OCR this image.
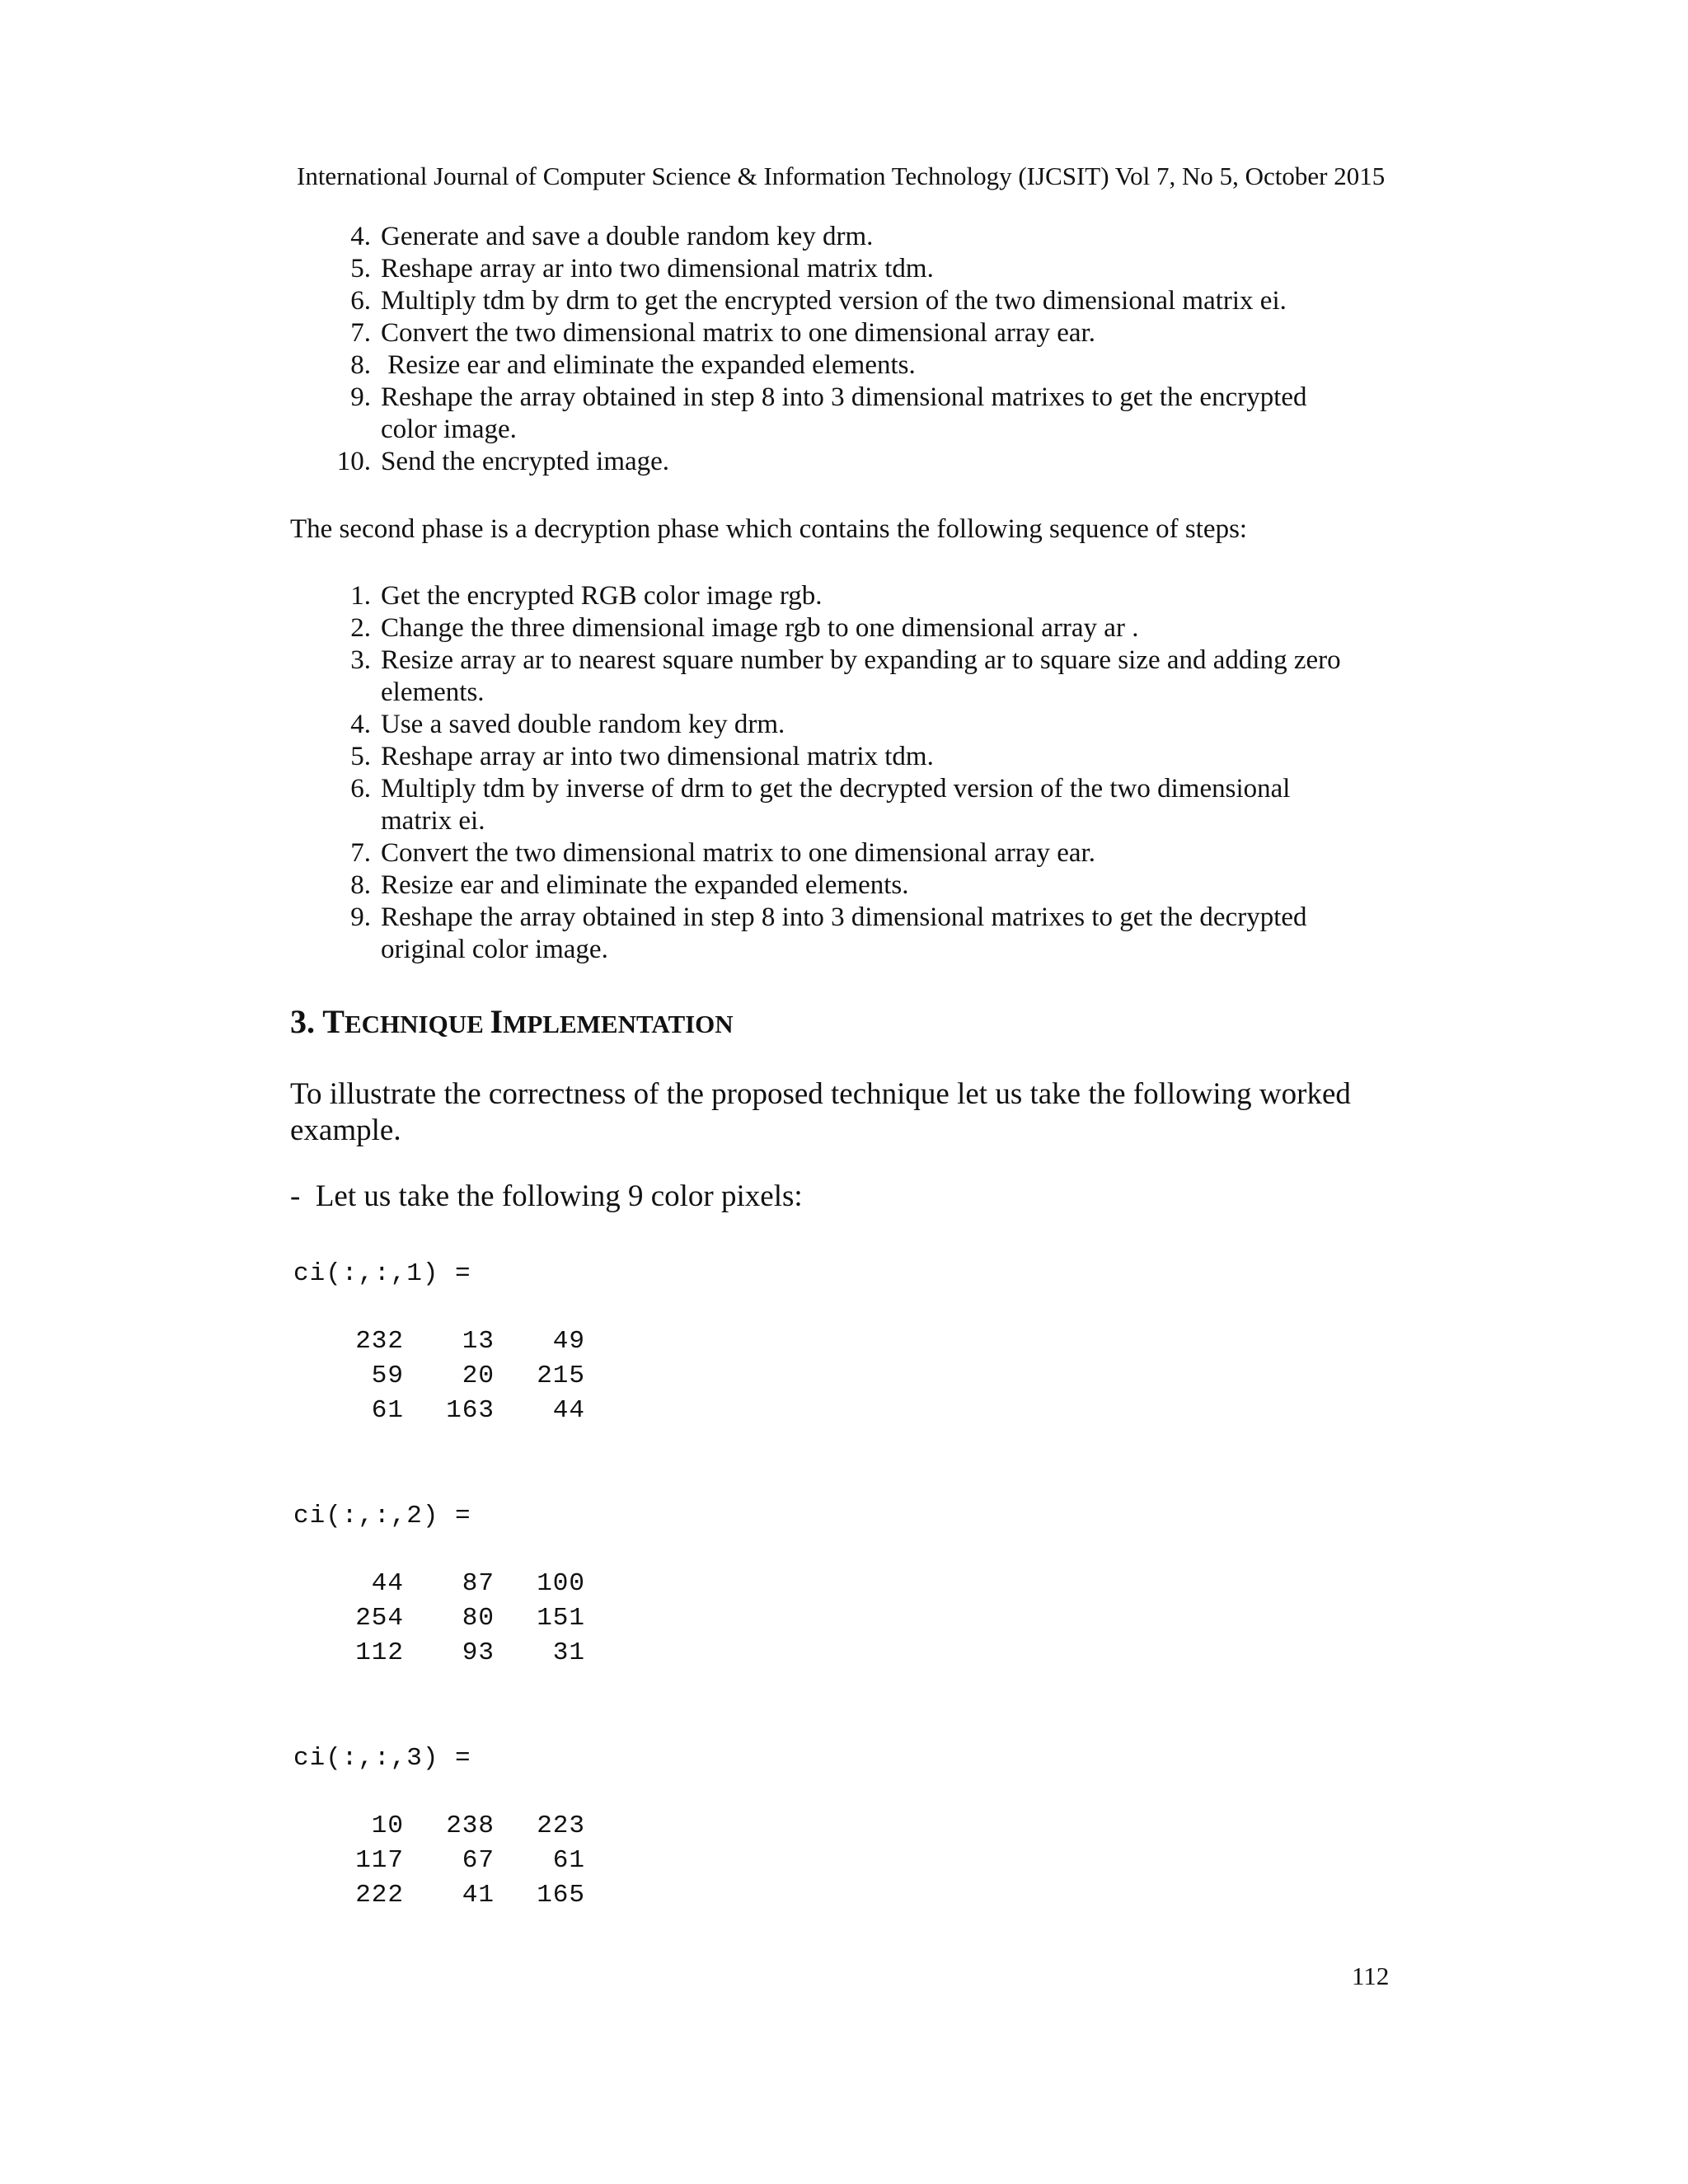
International Journal of Computer Science & Information Technology (IJCSIT) Vol 7, No 5, October 2015
4. Generate and save a double random key drm.
5. Reshape array ar into two dimensional matrix tdm.
6. Multiply tdm by drm to get the encrypted version of the two dimensional matrix ei.
7. Convert the two dimensional matrix to one dimensional array ear.
8. Resize ear and eliminate the expanded elements.
9. Reshape the array obtained in step 8 into 3 dimensional matrixes to get the encrypted
color image.
10. Send the encrypted image.
The second phase is a decryption phase which contains the following sequence of steps:
1. Get the encrypted RGB color image rgb.
2. Change the three dimensional image rgb to one dimensional array ar .
3. Resize array ar to nearest square number by expanding ar to square size and adding zero
elements.
4. Use a saved double random key drm.
5. Reshape array ar into two dimensional matrix tdm.
6. Multiply tdm by inverse of drm to get the decrypted version of the two dimensional
matrix ei.
7. Convert the two dimensional matrix to one dimensional array ear.
8. Resize ear and eliminate the expanded elements.
9. Reshape the array obtained in step 8 into 3 dimensional matrixes to get the decrypted
original color image.
3. TECHNIQUE IMPLEMENTATION
To illustrate the correctness of the proposed technique let us take the following worked example.
-  Let us take the following 9 color pixels:
ci(:,:,1) =
232 13 49
59 20 215
61 163 44
ci(:,:,2) =
44 87 100
254 80 151
112 93 31
ci(:,:,3) =
10 238 223
117 67 61
222 41 165
112
